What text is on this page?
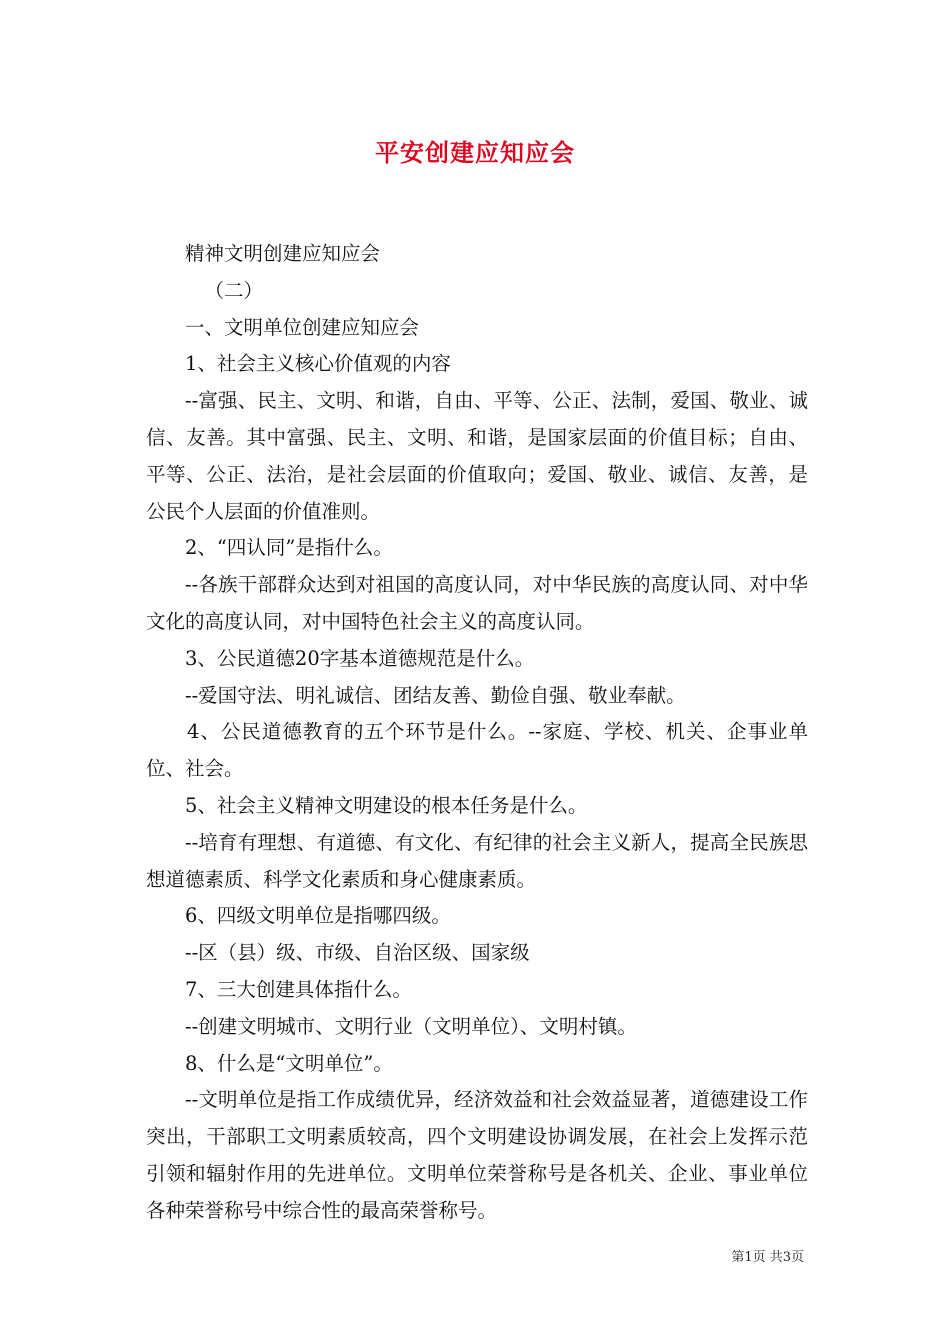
平安创建应知应会

精神文明创建应知应会

（二）

一、文明单位创建应知应会

1、社会主义核心价值观的内容

--富强、民主、文明、和谐，自由、平等、公正、法制，爱国、敬业、诚信、友善。其中富强、民主、文明、和谐，是国家层面的价值目标；自由、平等、公正、法治，是社会层面的价值取向；爱国、敬业、诚信、友善，是公民个人层面的价值准则。

2、“四认同”是指什么。

--各族干部群众达到对祖国的高度认同，对中华民族的高度认同、对中华文化的高度认同，对中国特色社会主义的高度认同。

3、公民道德20字基本道德规范是什么。

--爱国守法、明礼诚信、团结友善、勤俭自强、敬业奉献。

4、公民道德教育的五个环节是什么。--家庭、学校、机关、企事业单位、社会。

5、社会主义精神文明建设的根本任务是什么。

--培育有理想、有道德、有文化、有纪律的社会主义新人，提高全民族思想道德素质、科学文化素质和身心健康素质。

6、四级文明单位是指哪四级。

--区（县）级、市级、自治区级、国家级

7、三大创建具体指什么。

--创建文明城市、文明行业（文明单位）、文明村镇。

8、什么是“文明单位”。

--文明单位是指工作成绩优异，经济效益和社会效益显著，道德建设工作突出，干部职工文明素质较高，四个文明建设协调发展，在社会上发挥示范引领和辐射作用的先进单位。文明单位荣誉称号是各机关、企业、事业单位各种荣誉称号中综合性的最高荣誉称号。

第1页 共3页
